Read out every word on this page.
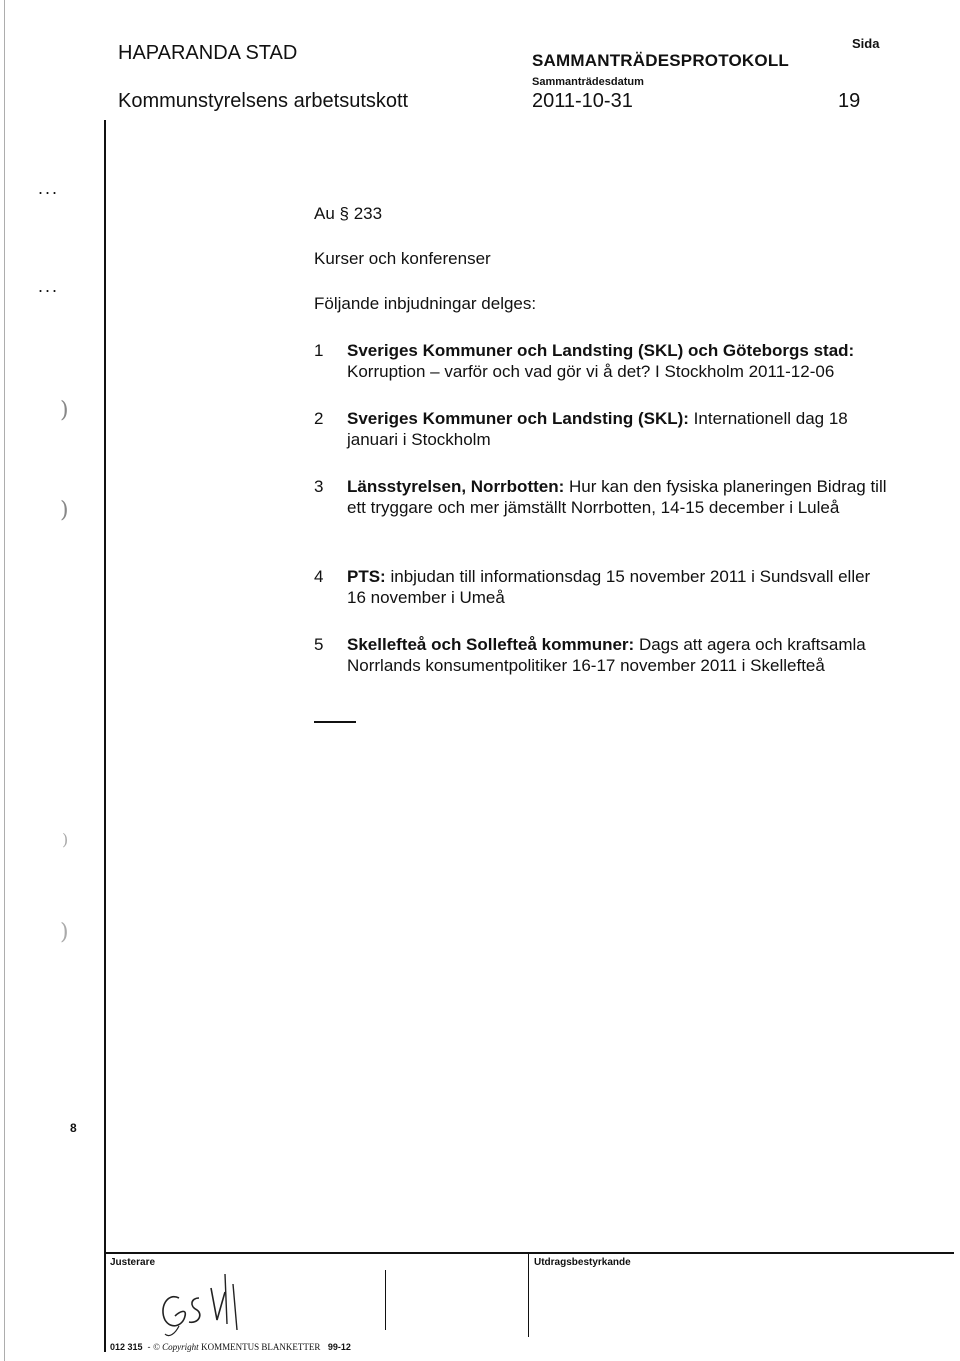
HAPARANDA STAD
Kommunstyrelsens arbetsutskott
SAMMANTRÄDESPROTOKOLL
Sammanträdesdatum
2011-10-31
Sida
19
...
...
)
)
)
)
8
Au § 233
Kurser och konferenser
Följande inbjudningar delges:
1 Sveriges Kommuner och Landsting (SKL) och Göteborgs stad: Korruption – varför och vad gör vi å det? I Stockholm 2011-12-06
2 Sveriges Kommuner och Landsting (SKL): Internationell dag 18 januari i Stockholm
3 Länsstyrelsen, Norrbotten: Hur kan den fysiska planeringen Bidrag till ett tryggare och mer jämställt Norrbotten, 14-15 december i Luleå
4 PTS: inbjudan till informationsdag 15 november 2011 i Sundsvall eller 16 november i Umeå
5 Skellefteå och Sollefteå kommuner: Dags att agera och kraftsamla Norrlands konsumentpolitiker 16-17 november 2011 i Skellefteå
Justerare	Utdragsbestyrkande
012 315  - © Copyright KOMMENTUS BLANKETTER 99-12
